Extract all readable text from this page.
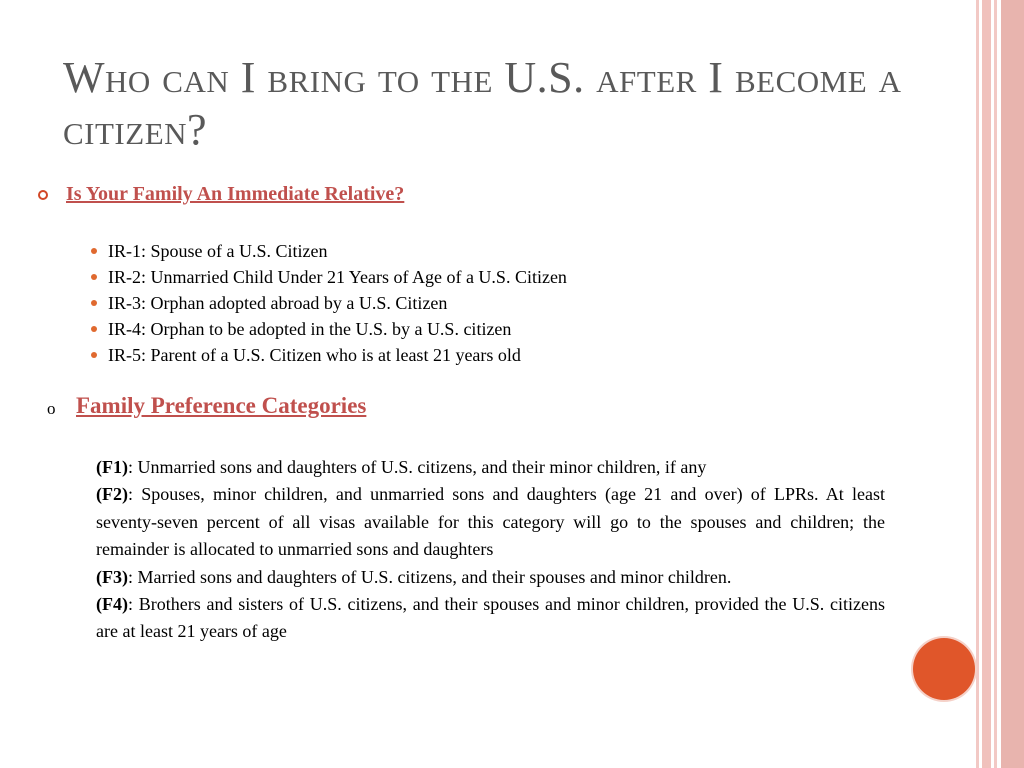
Who can I bring to the U.S. after I become a citizen?
Is Your Family An Immediate Relative?
IR-1: Spouse of a U.S. Citizen
IR-2: Unmarried Child Under 21 Years of Age of a U.S. Citizen
IR-3: Orphan adopted abroad by a U.S. Citizen
IR-4: Orphan to be adopted in the U.S. by a U.S. citizen
IR-5: Parent of a U.S. Citizen who is at least 21 years old
o Family Preference Categories

(F1): Unmarried sons and daughters of U.S. citizens, and their minor children, if any

(F2): Spouses, minor children, and unmarried sons and daughters (age 21 and over) of LPRs. At least seventy-seven percent of all visas available for this category will go to the spouses and children; the remainder is allocated to unmarried sons and daughters

(F3): Married sons and daughters of U.S. citizens, and their spouses and minor children.

(F4): Brothers and sisters of U.S. citizens, and their spouses and minor children, provided the U.S. citizens are at least 21 years of age
